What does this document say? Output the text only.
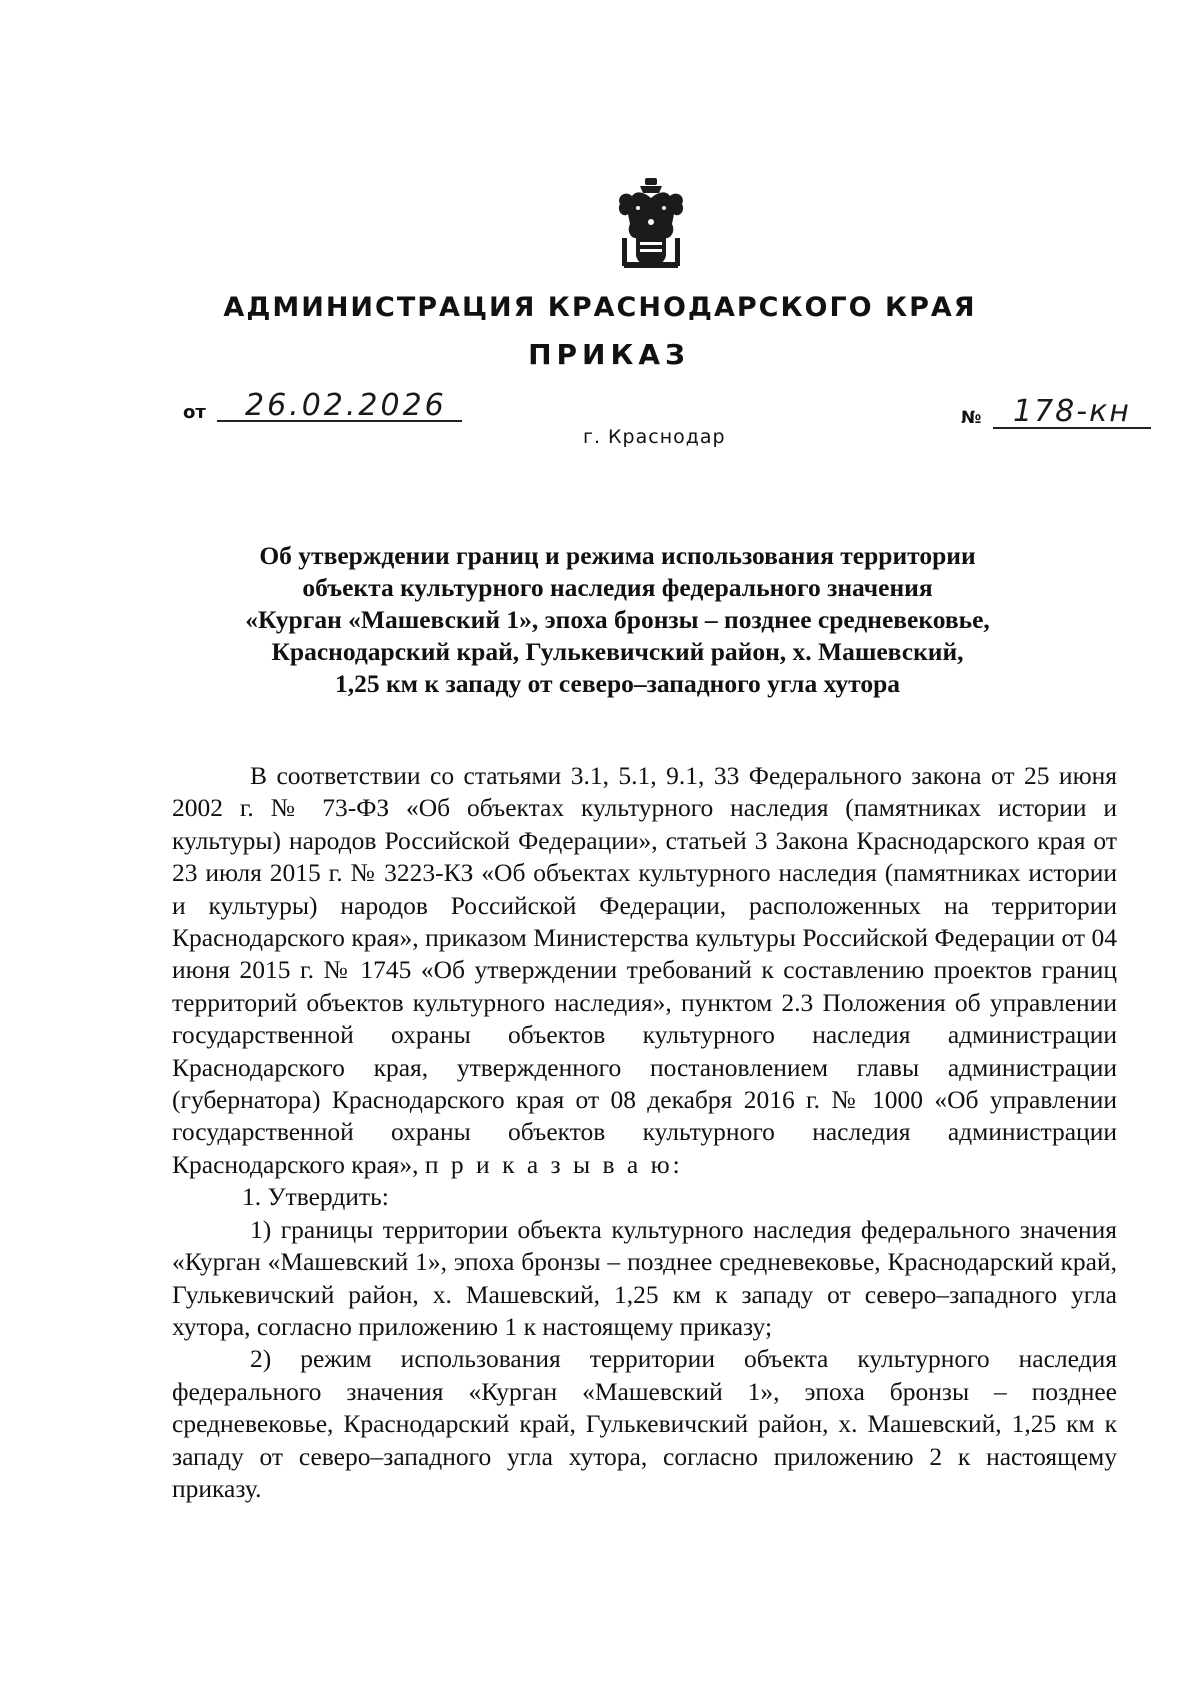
АДМИНИСТРАЦИЯ КРАСНОДАРСКОГО КРАЯ
ПРИКАЗ
от 26.02.2026
г. Краснодар
№ 178-кн
Об утверждении границ и режима использования территории
объекта культурного наследия федерального значения
«Курган «Машевский 1», эпоха бронзы – позднее средневековье,
Краснодарский край, Гулькевичский район, х. Машевский,
1,25 км к западу от северо–западного угла хутора

В соответствии со статьями 3.1, 5.1, 9.1, 33 Федерального закона от 25 июня 2002 г. № 73-ФЗ «Об объектах культурного наследия (памятниках истории и культуры) народов Российской Федерации», статьей 3 Закона Краснодарского края от 23 июля 2015 г. № 3223-КЗ «Об объектах культурного наследия (памятниках истории и культуры) народов Российской Федерации, расположенных на территории Краснодарского края», приказом Министерства культуры Российской Федерации от 04 июня 2015 г. № 1745 «Об утверждении требований к составлению проектов границ территорий объектов культурного наследия», пунктом 2.3 Положения об управлении государственной охраны объектов культурного наследия администрации Краснодарского края, утвержденного постановлением главы администрации (губернатора) Краснодарского края от 08 декабря 2016 г. № 1000 «Об управлении государственной охраны объектов культурного наследия администрации Краснодарского края», п р и к а з ы в а ю:

1. Утвердить:

1) границы территории объекта культурного наследия федерального значения «Курган «Машевский 1», эпоха бронзы – позднее средневековье, Краснодарский край, Гулькевичский район, х. Машевский, 1,25 км к западу от северо–западного угла хутора, согласно приложению 1 к настоящему приказу;

2) режим использования территории объекта культурного наследия федерального значения «Курган «Машевский 1», эпоха бронзы – позднее средневековье, Краснодарский край, Гулькевичский район, х. Машевский, 1,25 км к западу от северо–западного угла хутора, согласно приложению 2 к настоящему приказу.
